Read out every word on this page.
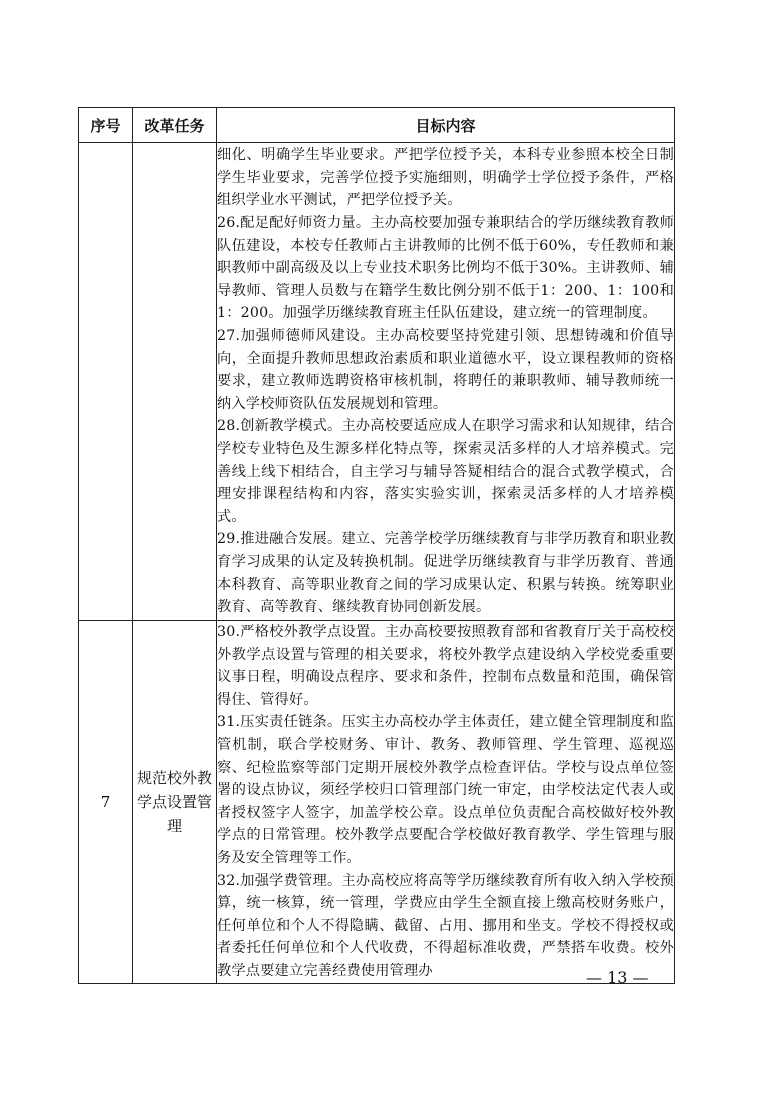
序号	改革任务	目标内容

		细化、明确学生毕业要求。严把学位授予关，本科专业参照本校全日制学生毕业要求，完善学位授予实施细则，明确学士学位授予条件，严格组织学业水平测试，严把学位授予关。

26.配足配好师资力量。主办高校要加强专兼职结合的学历继续教育教师队伍建设，本校专任教师占主讲教师的比例不低于60%，专任教师和兼职教师中副高级及以上专业技术职务比例均不低于30%。主讲教师、辅导教师、管理人员数与在籍学生数比例分别不低于1：200、1：100和1：200。加强学历继续教育班主任队伍建设，建立统一的管理制度。

27.加强师德师风建设。主办高校要坚持党建引领、思想铸魂和价值导向，全面提升教师思想政治素质和职业道德水平，设立课程教师的资格要求，建立教师选聘资格审核机制，将聘任的兼职教师、辅导教师统一纳入学校师资队伍发展规划和管理。

28.创新教学模式。主办高校要适应成人在职学习需求和认知规律，结合学校专业特色及生源多样化特点等，探索灵活多样的人才培养模式。完善线上线下相结合，自主学习与辅导答疑相结合的混合式教学模式，合理安排课程结构和内容，落实实验实训，探索灵活多样的人才培养模式。

29.推进融合发展。建立、完善学校学历继续教育与非学历教育和职业教育学习成果的认定及转换机制。促进学历继续教育与非学历教育、普通本科教育、高等职业教育之间的学习成果认定、积累与转换。统筹职业教育、高等教育、继续教育协同创新发展。

7	规范校外教学点设置管理	30.严格校外教学点设置。主办高校要按照教育部和省教育厅关于高校校外教学点设置与管理的相关要求，将校外教学点建设纳入学校党委重要议事日程，明确设点程序、要求和条件，控制布点数量和范围，确保管得住、管得好。

31.压实责任链条。压实主办高校办学主体责任，建立健全管理制度和监管机制，联合学校财务、审计、教务、教师管理、学生管理、巡视巡察、纪检监察等部门定期开展校外教学点检查评估。学校与设点单位签署的设点协议，须经学校归口管理部门统一审定，由学校法定代表人或者授权签字人签字，加盖学校公章。设点单位负责配合高校做好校外教学点的日常管理。校外教学点要配合学校做好教育教学、学生管理与服务及安全管理等工作。

32.加强学费管理。主办高校应将高等学历继续教育所有收入纳入学校预算，统一核算，统一管理，学费应由学生全额直接上缴高校财务账户，任何单位和个人不得隐瞒、截留、占用、挪用和坐支。学校不得授权或者委托任何单位和个人代收费，不得超标准收费，严禁搭车收费。校外教学点要建立完善经费使用管理办	— 13 —
